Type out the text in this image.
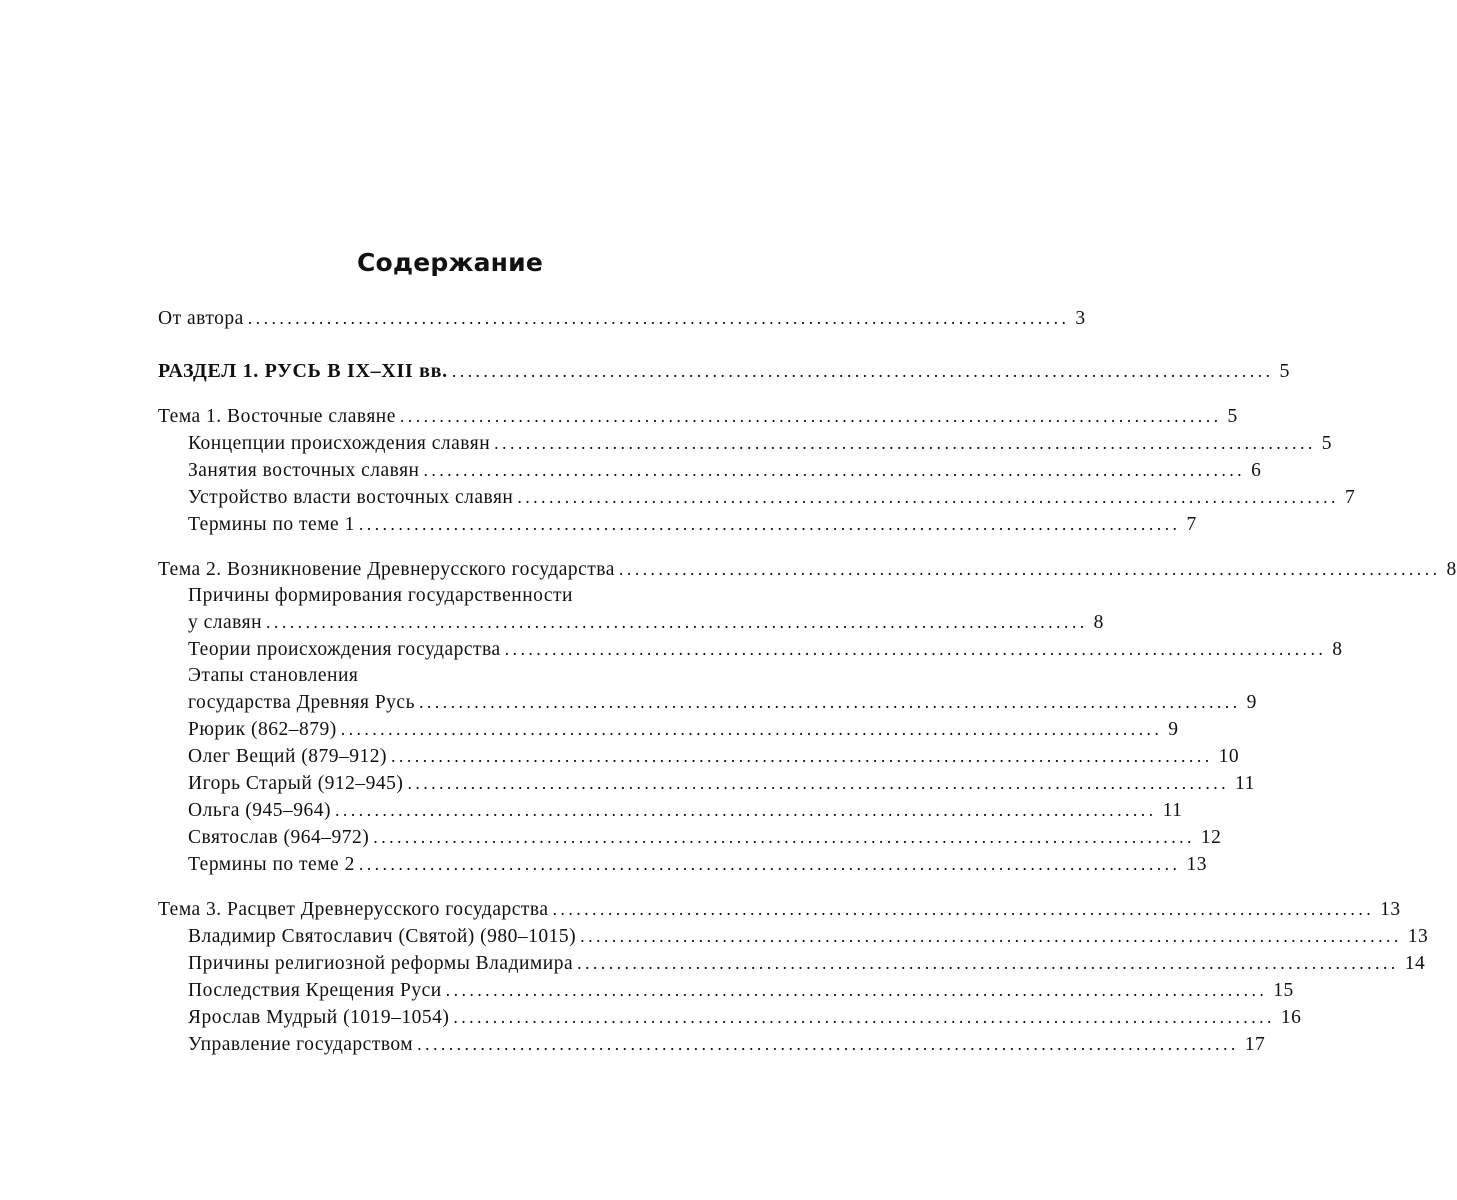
Содержание
От автора ........................................................................................................ 3
РАЗДЕЛ 1. РУСЬ В IX–XII вв. ........................................................................................................ 5
Тема 1. Восточные славяне ........................................................................................................ 5
Концепции происхождения славян ........................................................................................................ 5
Занятия восточных славян ........................................................................................................ 6
Устройство власти восточных славян ........................................................................................................ 7
Термины по теме 1 ........................................................................................................ 7
Тема 2. Возникновение Древнерусского государства ........................................................................................................ 8
Причины формирования государственности
у славян ........................................................................................................ 8
Теории происхождения государства ........................................................................................................ 8
Этапы становления
государства Древняя Русь ........................................................................................................ 9
Рюрик (862–879) ........................................................................................................ 9
Олег Вещий (879–912) ........................................................................................................ 10
Игорь Старый (912–945) ........................................................................................................ 11
Ольга (945–964) ........................................................................................................ 11
Святослав (964–972) ........................................................................................................ 12
Термины по теме 2 ........................................................................................................ 13
Тема 3. Расцвет Древнерусского государства ........................................................................................................ 13
Владимир Святославич (Святой) (980–1015) ........................................................................................................ 13
Причины религиозной реформы Владимира ........................................................................................................ 14
Последствия Крещения Руси ........................................................................................................ 15
Ярослав Мудрый (1019–1054) ........................................................................................................ 16
Управление государством ........................................................................................................ 17
